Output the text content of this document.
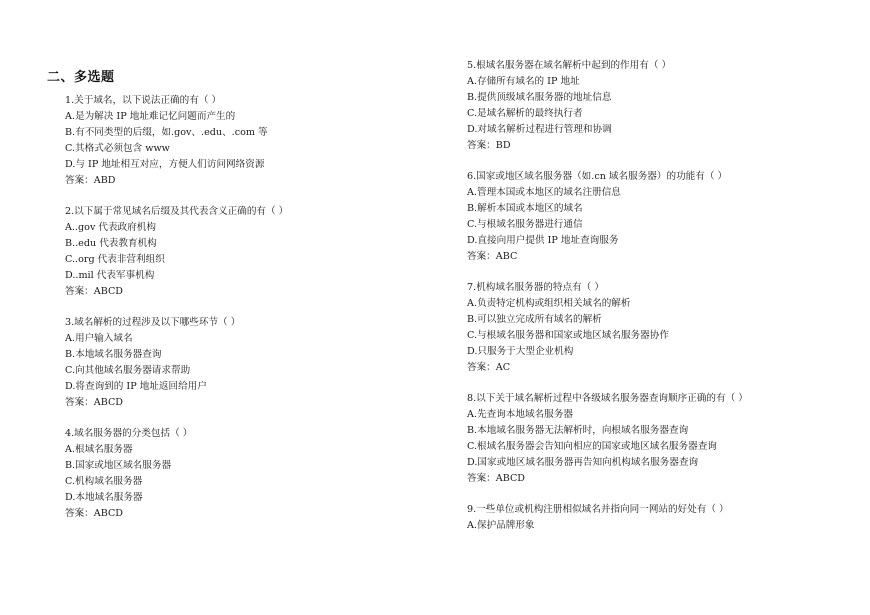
二、多选题
1.关于域名，以下说法正确的有（ ）
A.是为解决 IP 地址难记忆问题而产生的
B.有不同类型的后缀，如.gov、.edu、.com 等
C.其格式必须包含 www
D.与 IP 地址相互对应，方便人们访问网络资源
答案：ABD
2.以下属于常见域名后缀及其代表含义正确的有（ ）
A..gov 代表政府机构
B..edu 代表教育机构
C..org 代表非营利组织
D..mil 代表军事机构
答案：ABCD
3.域名解析的过程涉及以下哪些环节（ ）
A.用户输入域名
B.本地域名服务器查询
C.向其他域名服务器请求帮助
D.将查询到的 IP 地址返回给用户
答案：ABCD
4.域名服务器的分类包括（ ）
A.根域名服务器
B.国家或地区域名服务器
C.机构域名服务器
D.本地域名服务器
答案：ABCD
5.根域名服务器在域名解析中起到的作用有（ ）
A.存储所有域名的 IP 地址
B.提供顶级域名服务器的地址信息
C.是域名解析的最终执行者
D.对域名解析过程进行管理和协调
答案：BD
6.国家或地区域名服务器（如.cn 域名服务器）的功能有（ ）
A.管理本国或本地区的域名注册信息
B.解析本国或本地区的域名
C.与根域名服务器进行通信
D.直接向用户提供 IP 地址查询服务
答案：ABC
7.机构域名服务器的特点有（ ）
A.负责特定机构或组织相关域名的解析
B.可以独立完成所有域名的解析
C.与根域名服务器和国家或地区域名服务器协作
D.只服务于大型企业机构
答案：AC
8.以下关于域名解析过程中各级域名服务器查询顺序正确的有（ ）
A.先查询本地域名服务器
B.本地域名服务器无法解析时，向根域名服务器查询
C.根域名服务器会告知向相应的国家或地区域名服务器查询
D.国家或地区域名服务器再告知向机构域名服务器查询
答案：ABCD
9.一些单位或机构注册相似域名并指向同一网站的好处有（ ）
A.保护品牌形象
